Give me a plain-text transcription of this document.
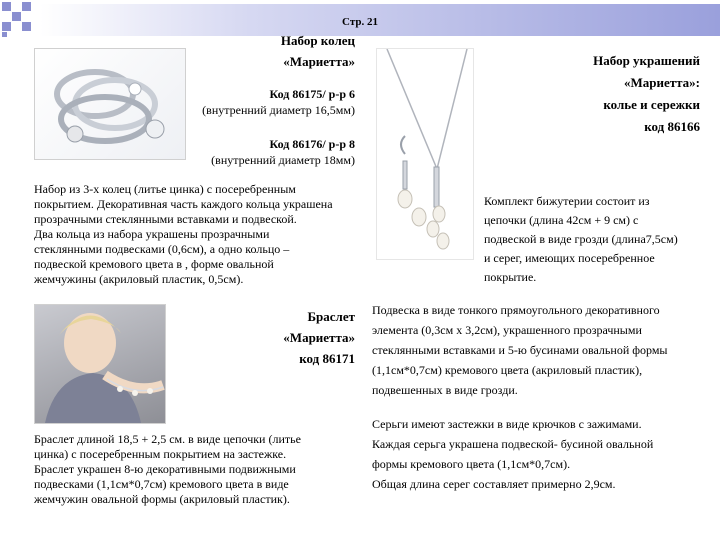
Стр. 21
Набор колец
«Мариетта»
Код 86175/ р-р 6
(внутренний диаметр 16,5мм)
Код 86176/ р-р 8
(внутренний диаметр 18мм)
Набор из 3-х колец (литье цинка) с посеребренным
покрытием. Декоративная часть каждого кольца украшена
прозрачными стеклянными вставками и подвеской.
Два кольца из набора украшены прозрачными
стеклянными подвесками (0,6см), а одно кольцо –
подвеской кремового цвета в , форме овальной
жемчужины (акриловый пластик, 0,5см).
Набор украшений
«Мариетта»:
колье и сережки
код 86166
Комплект бижутерии состоит из
цепочки (длина 42см + 9 см) с
подвеской в виде грозди (длина7,5см)
и серег, имеющих посеребренное
покрытие.
Браслет
«Мариетта»
код 86171
Браслет длиной 18,5 + 2,5 см. в виде цепочки (литье
цинка) с посеребренным покрытием на застежке.
Браслет украшен 8-ю декоративными подвижными
подвесками (1,1см*0,7см) кремового цвета в виде
жемчужин овальной формы (акриловый пластик).
Подвеска в виде тонкого прямоугольного декоративного
элемента (0,3см х 3,2см), украшенного прозрачными
стеклянными вставками и 5-ю бусинами овальной формы
(1,1см*0,7см) кремового цвета (акриловый пластик),
подвешенных в виде грозди.
Серьги имеют застежки в виде крючков с зажимами.
Каждая серьга украшена подвеской- бусиной овальной
формы кремового цвета (1,1см*0,7см).
Общая длина серег составляет примерно 2,9см.
